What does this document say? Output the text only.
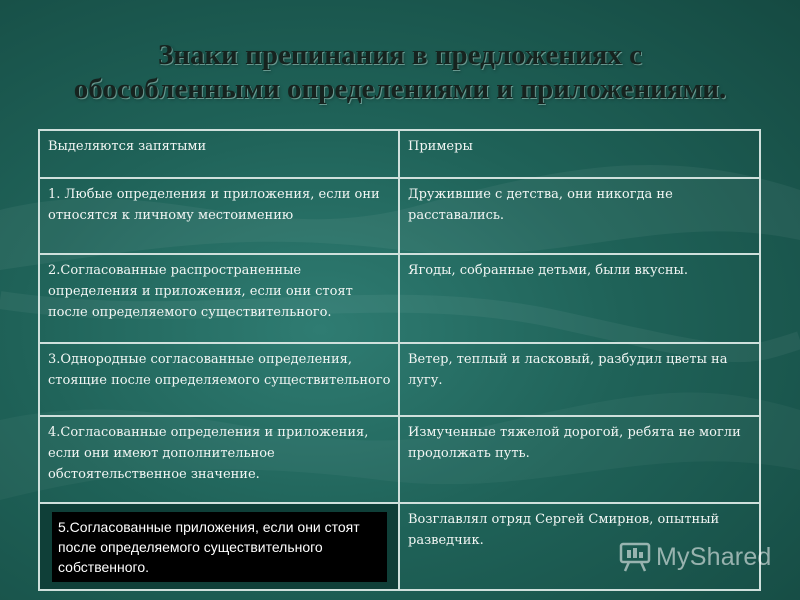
Знаки препинания в предложениях с
обособленными определениями и приложениями.
Выделяются запятыми	Примеры
1. Любые определения и приложения, если они относятся к личному местоимению	Дружившие с детства, они никогда не расставались.
2.Согласованные распространенные определения и приложения, если они стоят после определяемого существительного.	Ягоды, собранные детьми, были вкусны.
3.Однородные согласованные определения, стоящие после определяемого существительного	Ветер, теплый и ласковый, разбудил цветы на лугу.
4.Согласованные определения и приложения, если они имеют дополнительное обстоятельственное значение.	Измученные тяжелой дорогой, ребята не могли продолжать путь.

5.Согласованные приложения, если они стоят после определяемого существительного собственного.	Возглавлял отряд Сергей Смирнов, опытный разведчик.
MyShared
